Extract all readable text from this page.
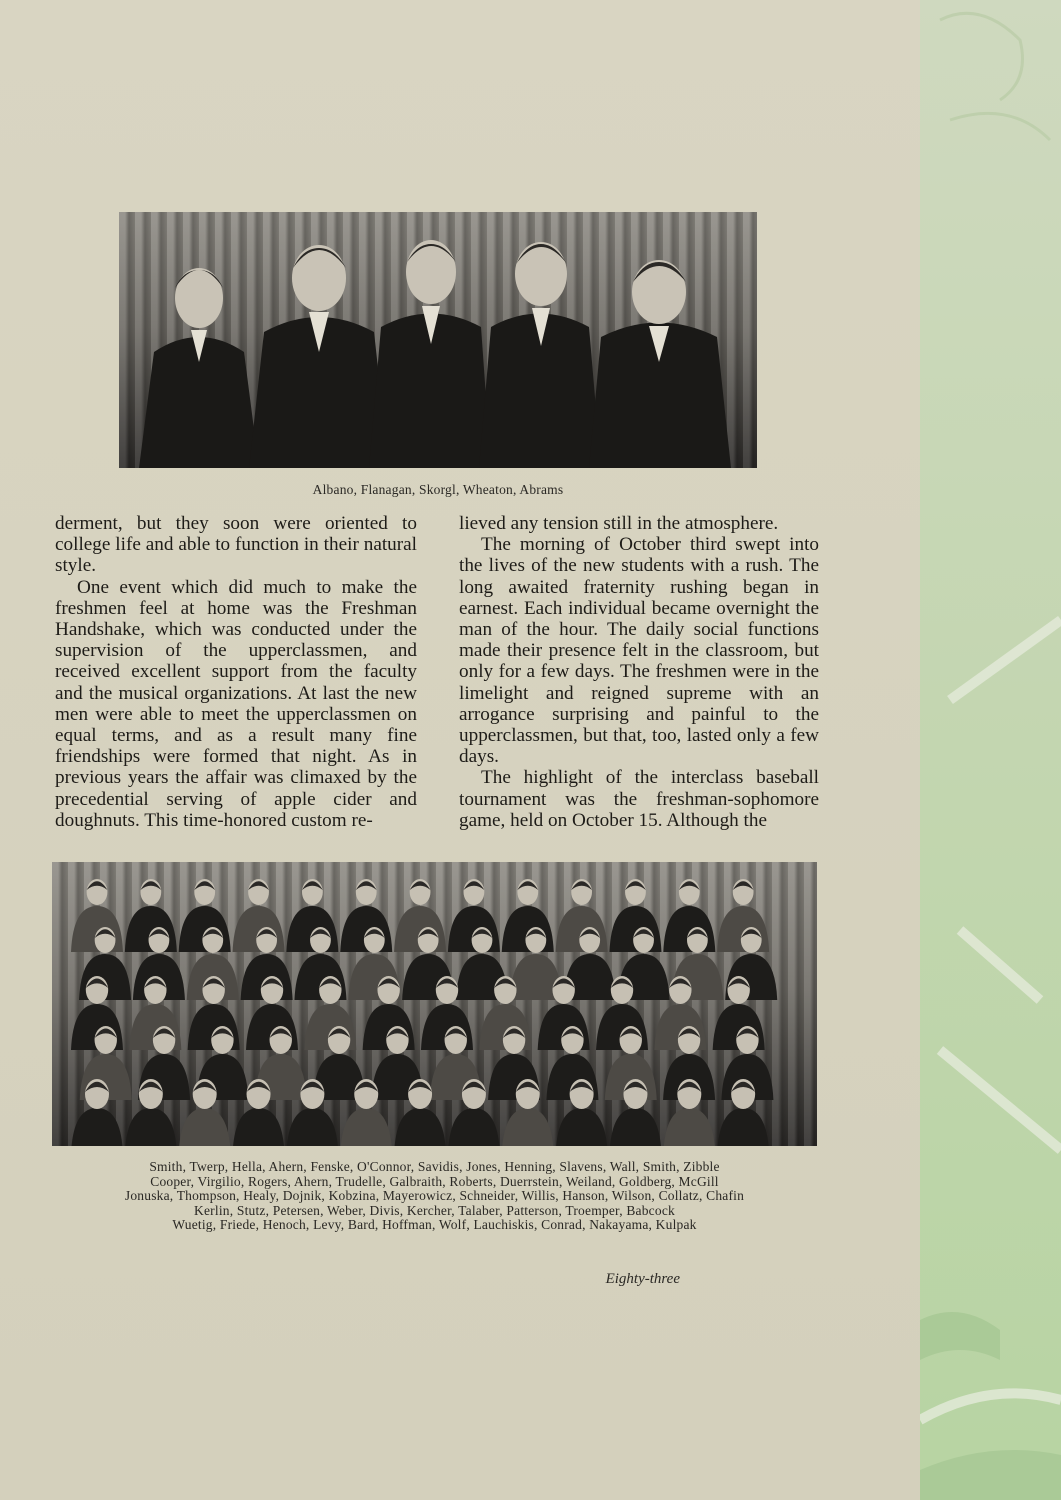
Albano, Flanagan, Skorgl, Wheaton, Abrams

derment, but they soon were oriented to college life and able to function in their natural style.

One event which did much to make the freshmen feel at home was the Freshman Handshake, which was conducted under the supervision of the upperclassmen, and received excellent support from the faculty and the musical organizations. At last the new men were able to meet the upperclassmen on equal terms, and as a result many fine friendships were formed that night. As in previous years the affair was climaxed by the precedential serving of apple cider and doughnuts. This time-honored custom re-

lieved any tension still in the atmosphere.

The morning of October third swept into the lives of the new students with a rush. The long awaited fraternity rushing began in earnest. Each individual became overnight the man of the hour. The daily social functions made their presence felt in the classroom, but only for a few days. The freshmen were in the limelight and reigned supreme with an arrogance surprising and painful to the upperclassmen, but that, too, lasted only a few days.

The highlight of the interclass baseball tournament was the freshman-sophomore game, held on October 15. Although the

Smith, Twerp, Hella, Ahern, Fenske, O'Connor, Savidis, Jones, Henning, Slavens, Wall, Smith, Zibble
Cooper, Virgilio, Rogers, Ahern, Trudelle, Galbraith, Roberts, Duerrstein, Weiland, Goldberg, McGill
Jonuska, Thompson, Healy, Dojnik, Kobzina, Mayerowicz, Schneider, Willis, Hanson, Wilson, Collatz, Chafin
Kerlin, Stutz, Petersen, Weber, Divis, Kercher, Talaber, Patterson, Troemper, Babcock
Wuetig, Friede, Henoch, Levy, Bard, Hoffman, Wolf, Lauchiskis, Conrad, Nakayama, Kulpak
Eighty-three
